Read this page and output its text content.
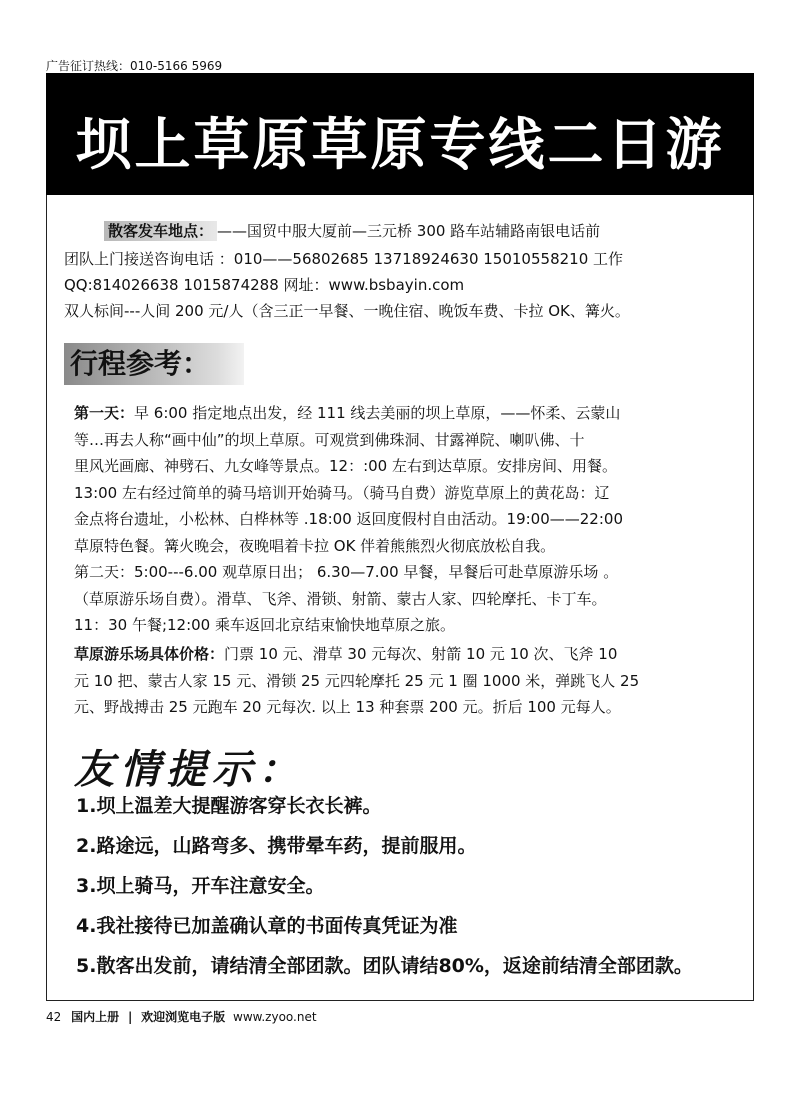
广告征订热线：010-5166 5969
坝上草原草原专线二日游
散客发车地点： ——国贸中服大厦前—三元桥 300 路车站辅路南银电话前
团队上门接送咨询电话 ：010——56802685 13718924630 15010558210 工作
QQ:814026638 1015874288 网址：www.bsbayin.com
双人标间---人间 200 元/人（含三正一早餐、一晚住宿、晚饭车费、卡拉 OK、篝火。
行程参考：
第一天：早 6:00 指定地点出发，经 111 线去美丽的坝上草原，——怀柔、云蒙山
等…再去人称“画中仙”的坝上草原。可观赏到佛珠洞、甘露禅院、喇叭佛、十
里风光画廊、神劈石、九女峰等景点。12：:00 左右到达草原。安排房间、用餐。
13:00 左右经过简单的骑马培训开始骑马。（骑马自费）游览草原上的黄花岛：辽
金点将台遗址，小松林、白桦林等 .18:00 返回度假村自由活动。19:00——22:00
草原特色餐。篝火晚会，夜晚唱着卡拉 OK 伴着熊熊烈火彻底放松自我。
第二天：5:00---6.00 观草原日出； 6.30—7.00 早餐，早餐后可赴草原游乐场 。
（草原游乐场自费）。滑草、飞斧、滑锁、射箭、蒙古人家、四轮摩托、卡丁车。
11：30 午餐;12:00 乘车返回北京结束愉快地草原之旅。
草原游乐场具体价格：门票 10 元、滑草 30 元每次、射箭 10 元 10 次、飞斧 10
元 10 把、蒙古人家 15 元、滑锁 25 元四轮摩托 25 元 1 圈 1000 米，弹跳飞人 25
元、野战搏击 25 元跑车 20 元每次. 以上 13 种套票 200 元。折后 100 元每人。
友情提示：
1.坝上温差大提醒游客穿长衣长裤。
2.路途远，山路弯多、携带晕车药，提前服用。
3.坝上骑马，开车注意安全。
4.我社接待已加盖确认章的书面传真凭证为准
5.散客出发前，请结清全部团款。团队请结80%，返途前结清全部团款。
42 国内上册 | 欢迎浏览电子版 www.zyoo.net
